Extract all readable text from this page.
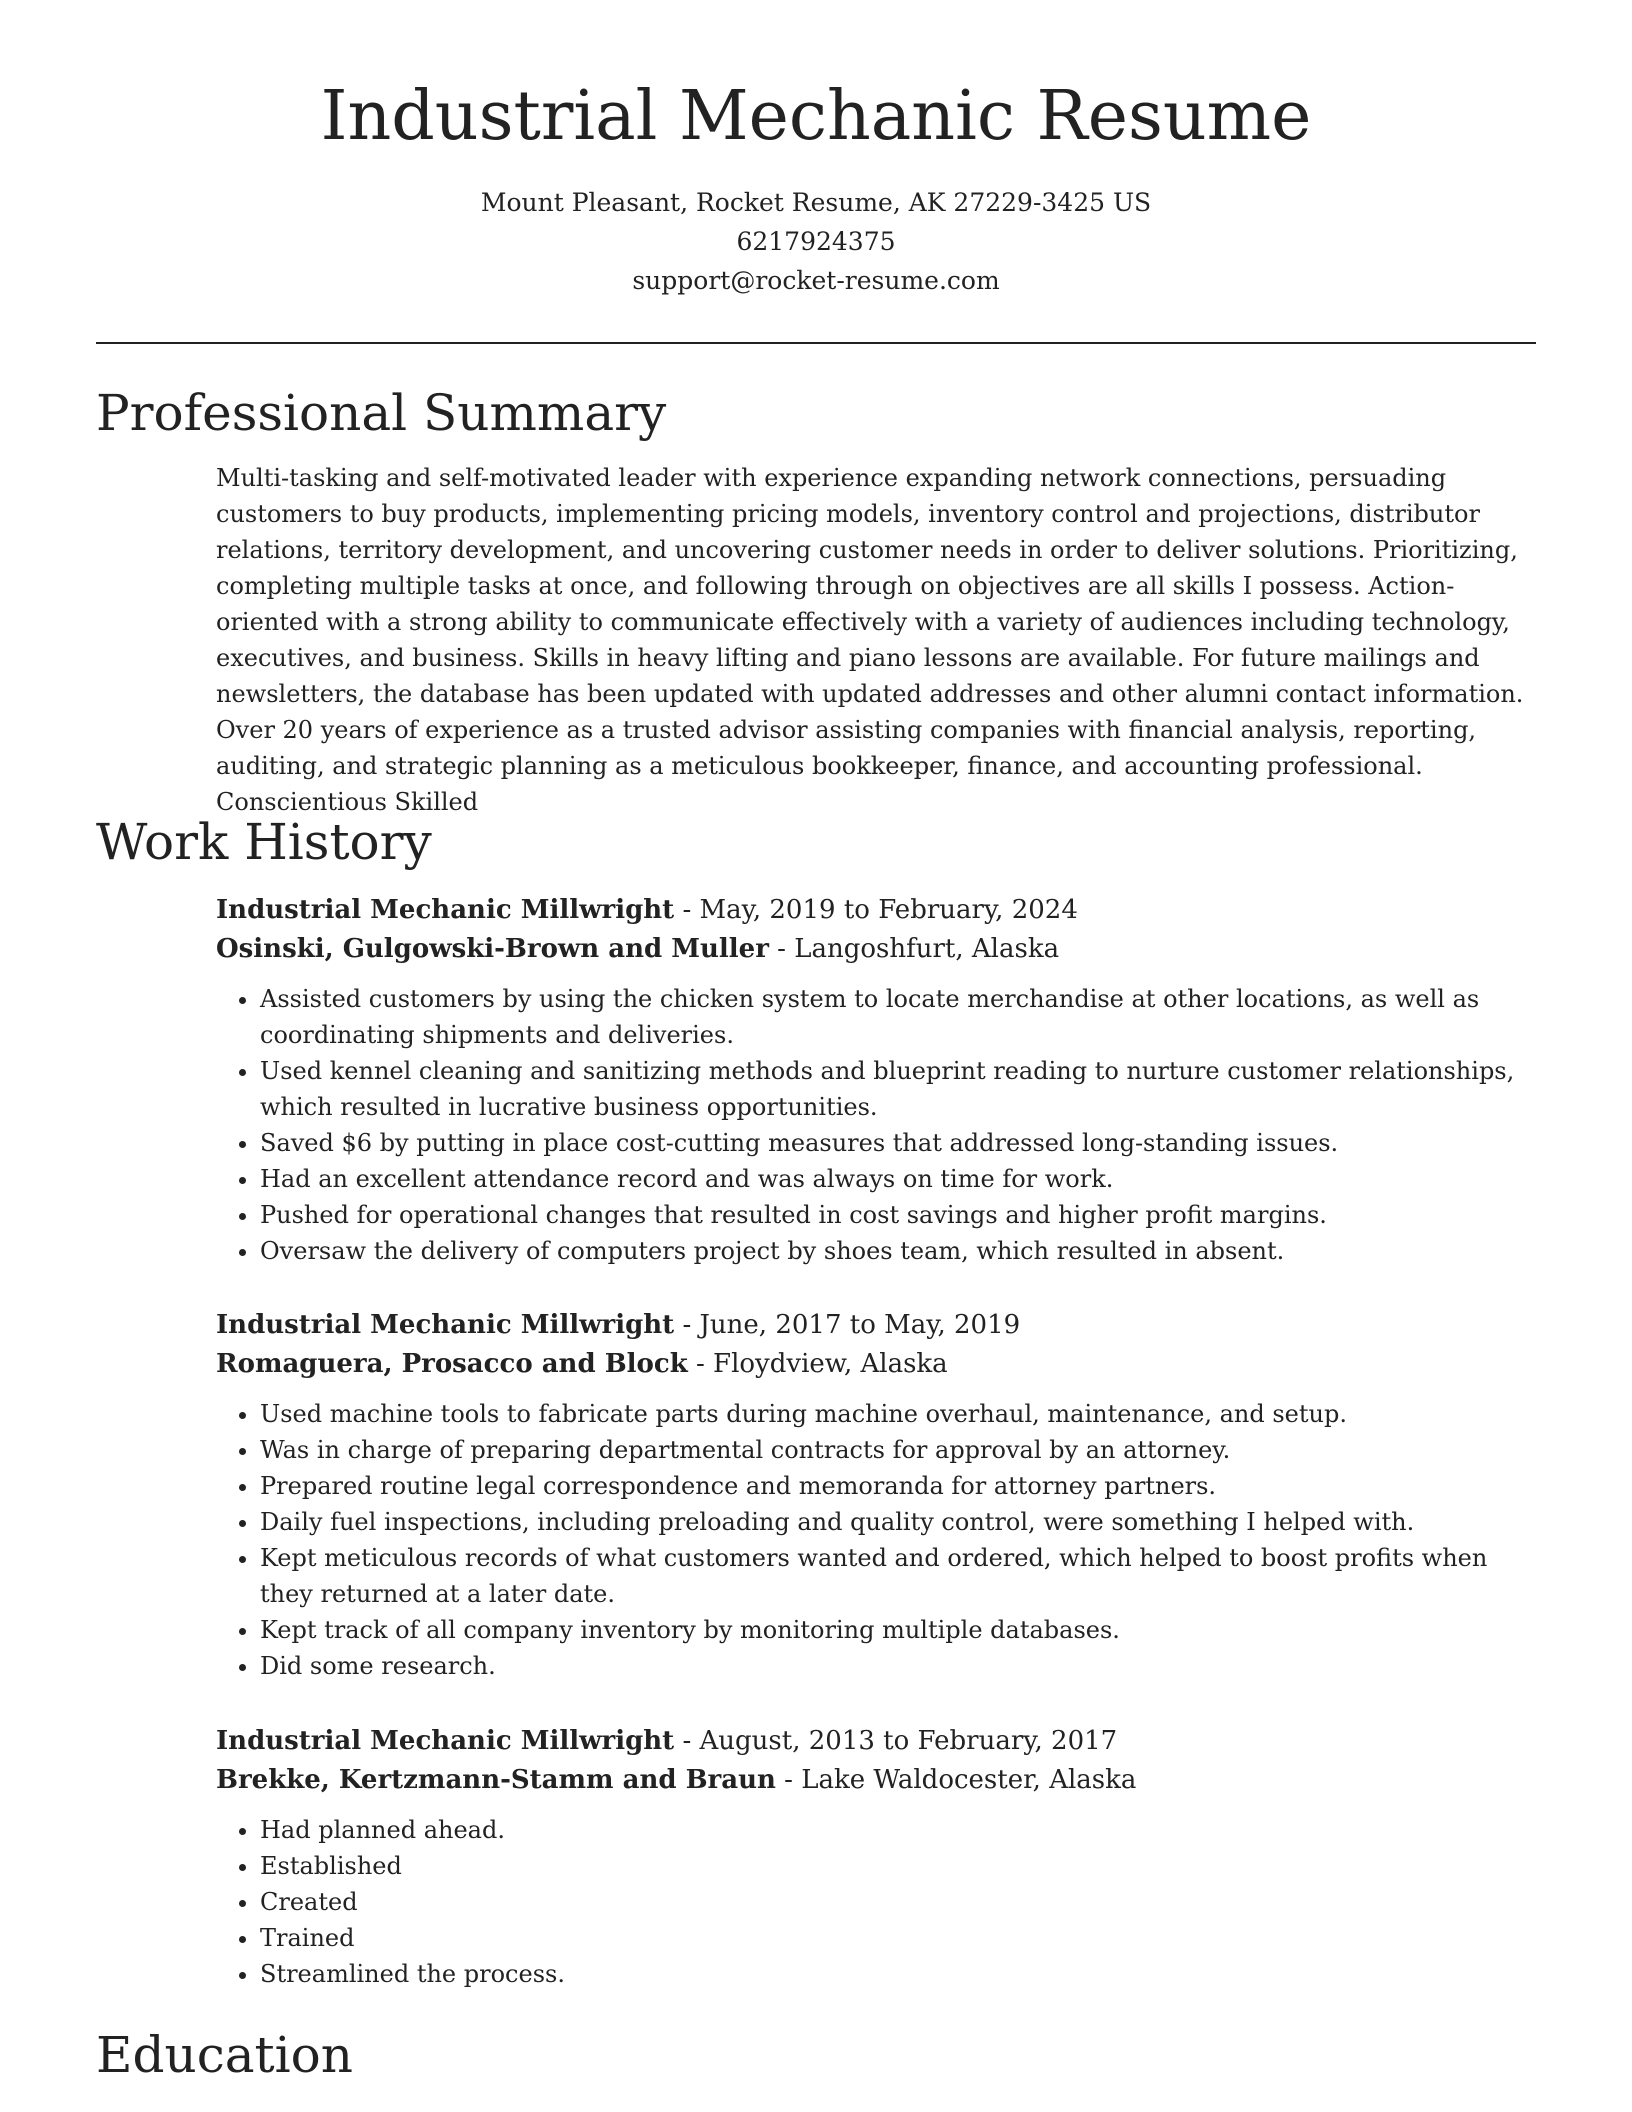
Industrial Mechanic Resume
Mount Pleasant, Rocket Resume, AK 27229-3425 US
6217924375
support@rocket-resume.com
Professional Summary
Multi-tasking and self-motivated leader with experience expanding network connections, persuading customers to buy products, implementing pricing models, inventory control and projections, distributor relations, territory development, and uncovering customer needs in order to deliver solutions. Prioritizing, completing multiple tasks at once, and following through on objectives are all skills I possess. Action-oriented with a strong ability to communicate effectively with a variety of audiences including technology, executives, and business. Skills in heavy lifting and piano lessons are available. For future mailings and newsletters, the database has been updated with updated addresses and other alumni contact information. Over 20 years of experience as a trusted advisor assisting companies with financial analysis, reporting, auditing, and strategic planning as a meticulous bookkeeper, finance, and accounting professional. Conscientious Skilled
Work History
Industrial Mechanic Millwright - May, 2019 to February, 2024
Osinski, Gulgowski-Brown and Muller - Langoshfurt, Alaska
• Assisted customers by using the chicken system to locate merchandise at other locations, as well as coordinating shipments and deliveries.
• Used kennel cleaning and sanitizing methods and blueprint reading to nurture customer relationships, which resulted in lucrative business opportunities.
• Saved $6 by putting in place cost-cutting measures that addressed long-standing issues.
• Had an excellent attendance record and was always on time for work.
• Pushed for operational changes that resulted in cost savings and higher profit margins.
• Oversaw the delivery of computers project by shoes team, which resulted in absent.
Industrial Mechanic Millwright - June, 2017 to May, 2019
Romaguera, Prosacco and Block - Floydview, Alaska
• Used machine tools to fabricate parts during machine overhaul, maintenance, and setup.
• Was in charge of preparing departmental contracts for approval by an attorney.
• Prepared routine legal correspondence and memoranda for attorney partners.
• Daily fuel inspections, including preloading and quality control, were something I helped with.
• Kept meticulous records of what customers wanted and ordered, which helped to boost profits when they returned at a later date.
• Kept track of all company inventory by monitoring multiple databases.
• Did some research.
Industrial Mechanic Millwright - August, 2013 to February, 2017
Brekke, Kertzmann-Stamm and Braun - Lake Waldocester, Alaska
• Had planned ahead.
• Established
• Created
• Trained
• Streamlined the process.
Education
